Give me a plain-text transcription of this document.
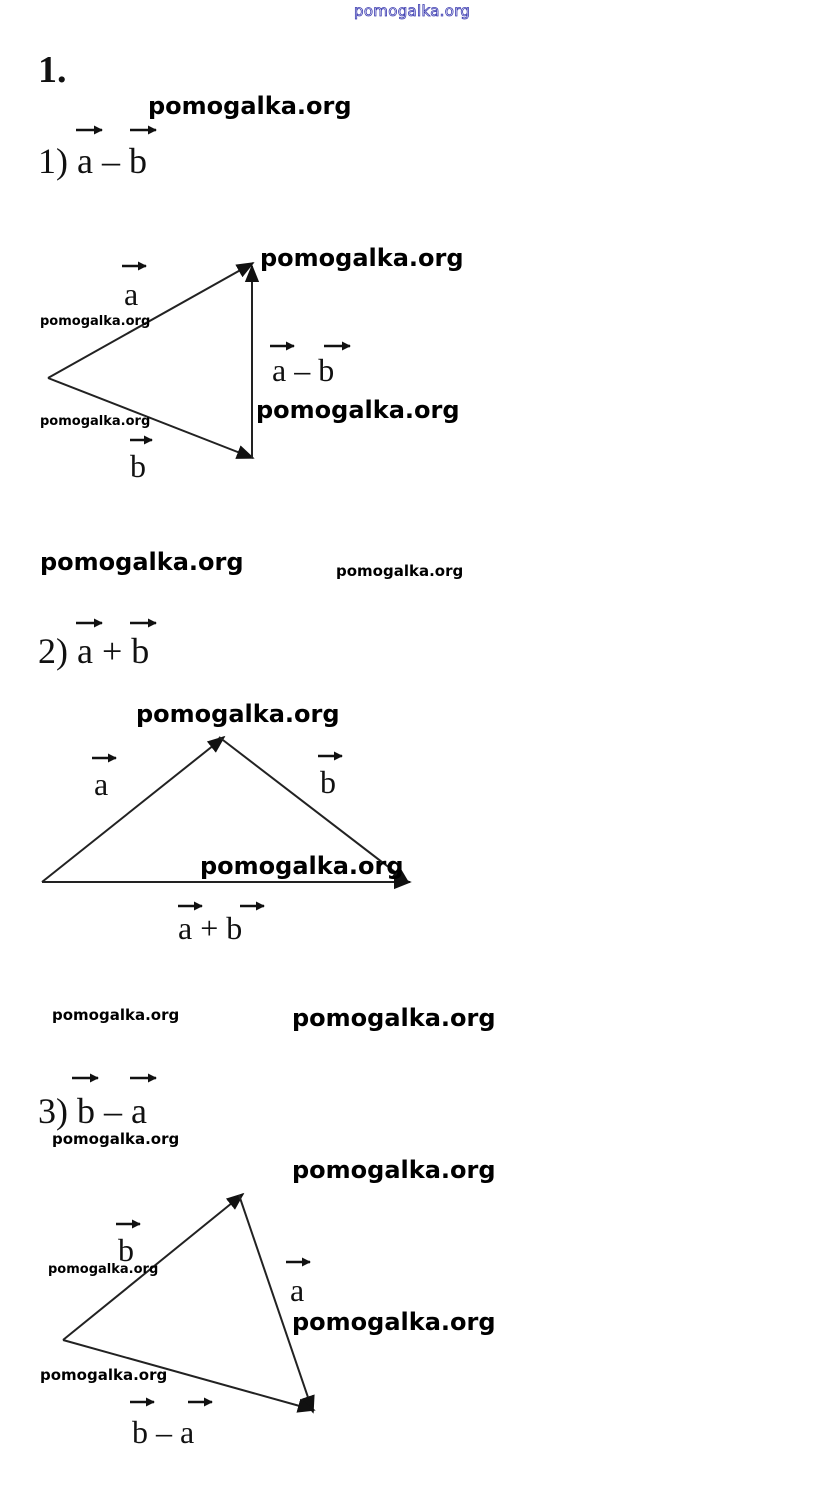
pomogalka.org
1.
1) a – b
2) a + b
3) b – a
a
b
a – b
a	b
a + b
b
a
b – a
pomogalka.org
pomogalka.org
pomogalka.org
pomogalka.org
pomogalka.org
pomogalka.org	pomogalka.org
pomogalka.org
pomogalka.org
pomogalka.org	pomogalka.org
pomogalka.org
pomogalka.org
pomogalka.org
pomogalka.org
pomogalka.org
